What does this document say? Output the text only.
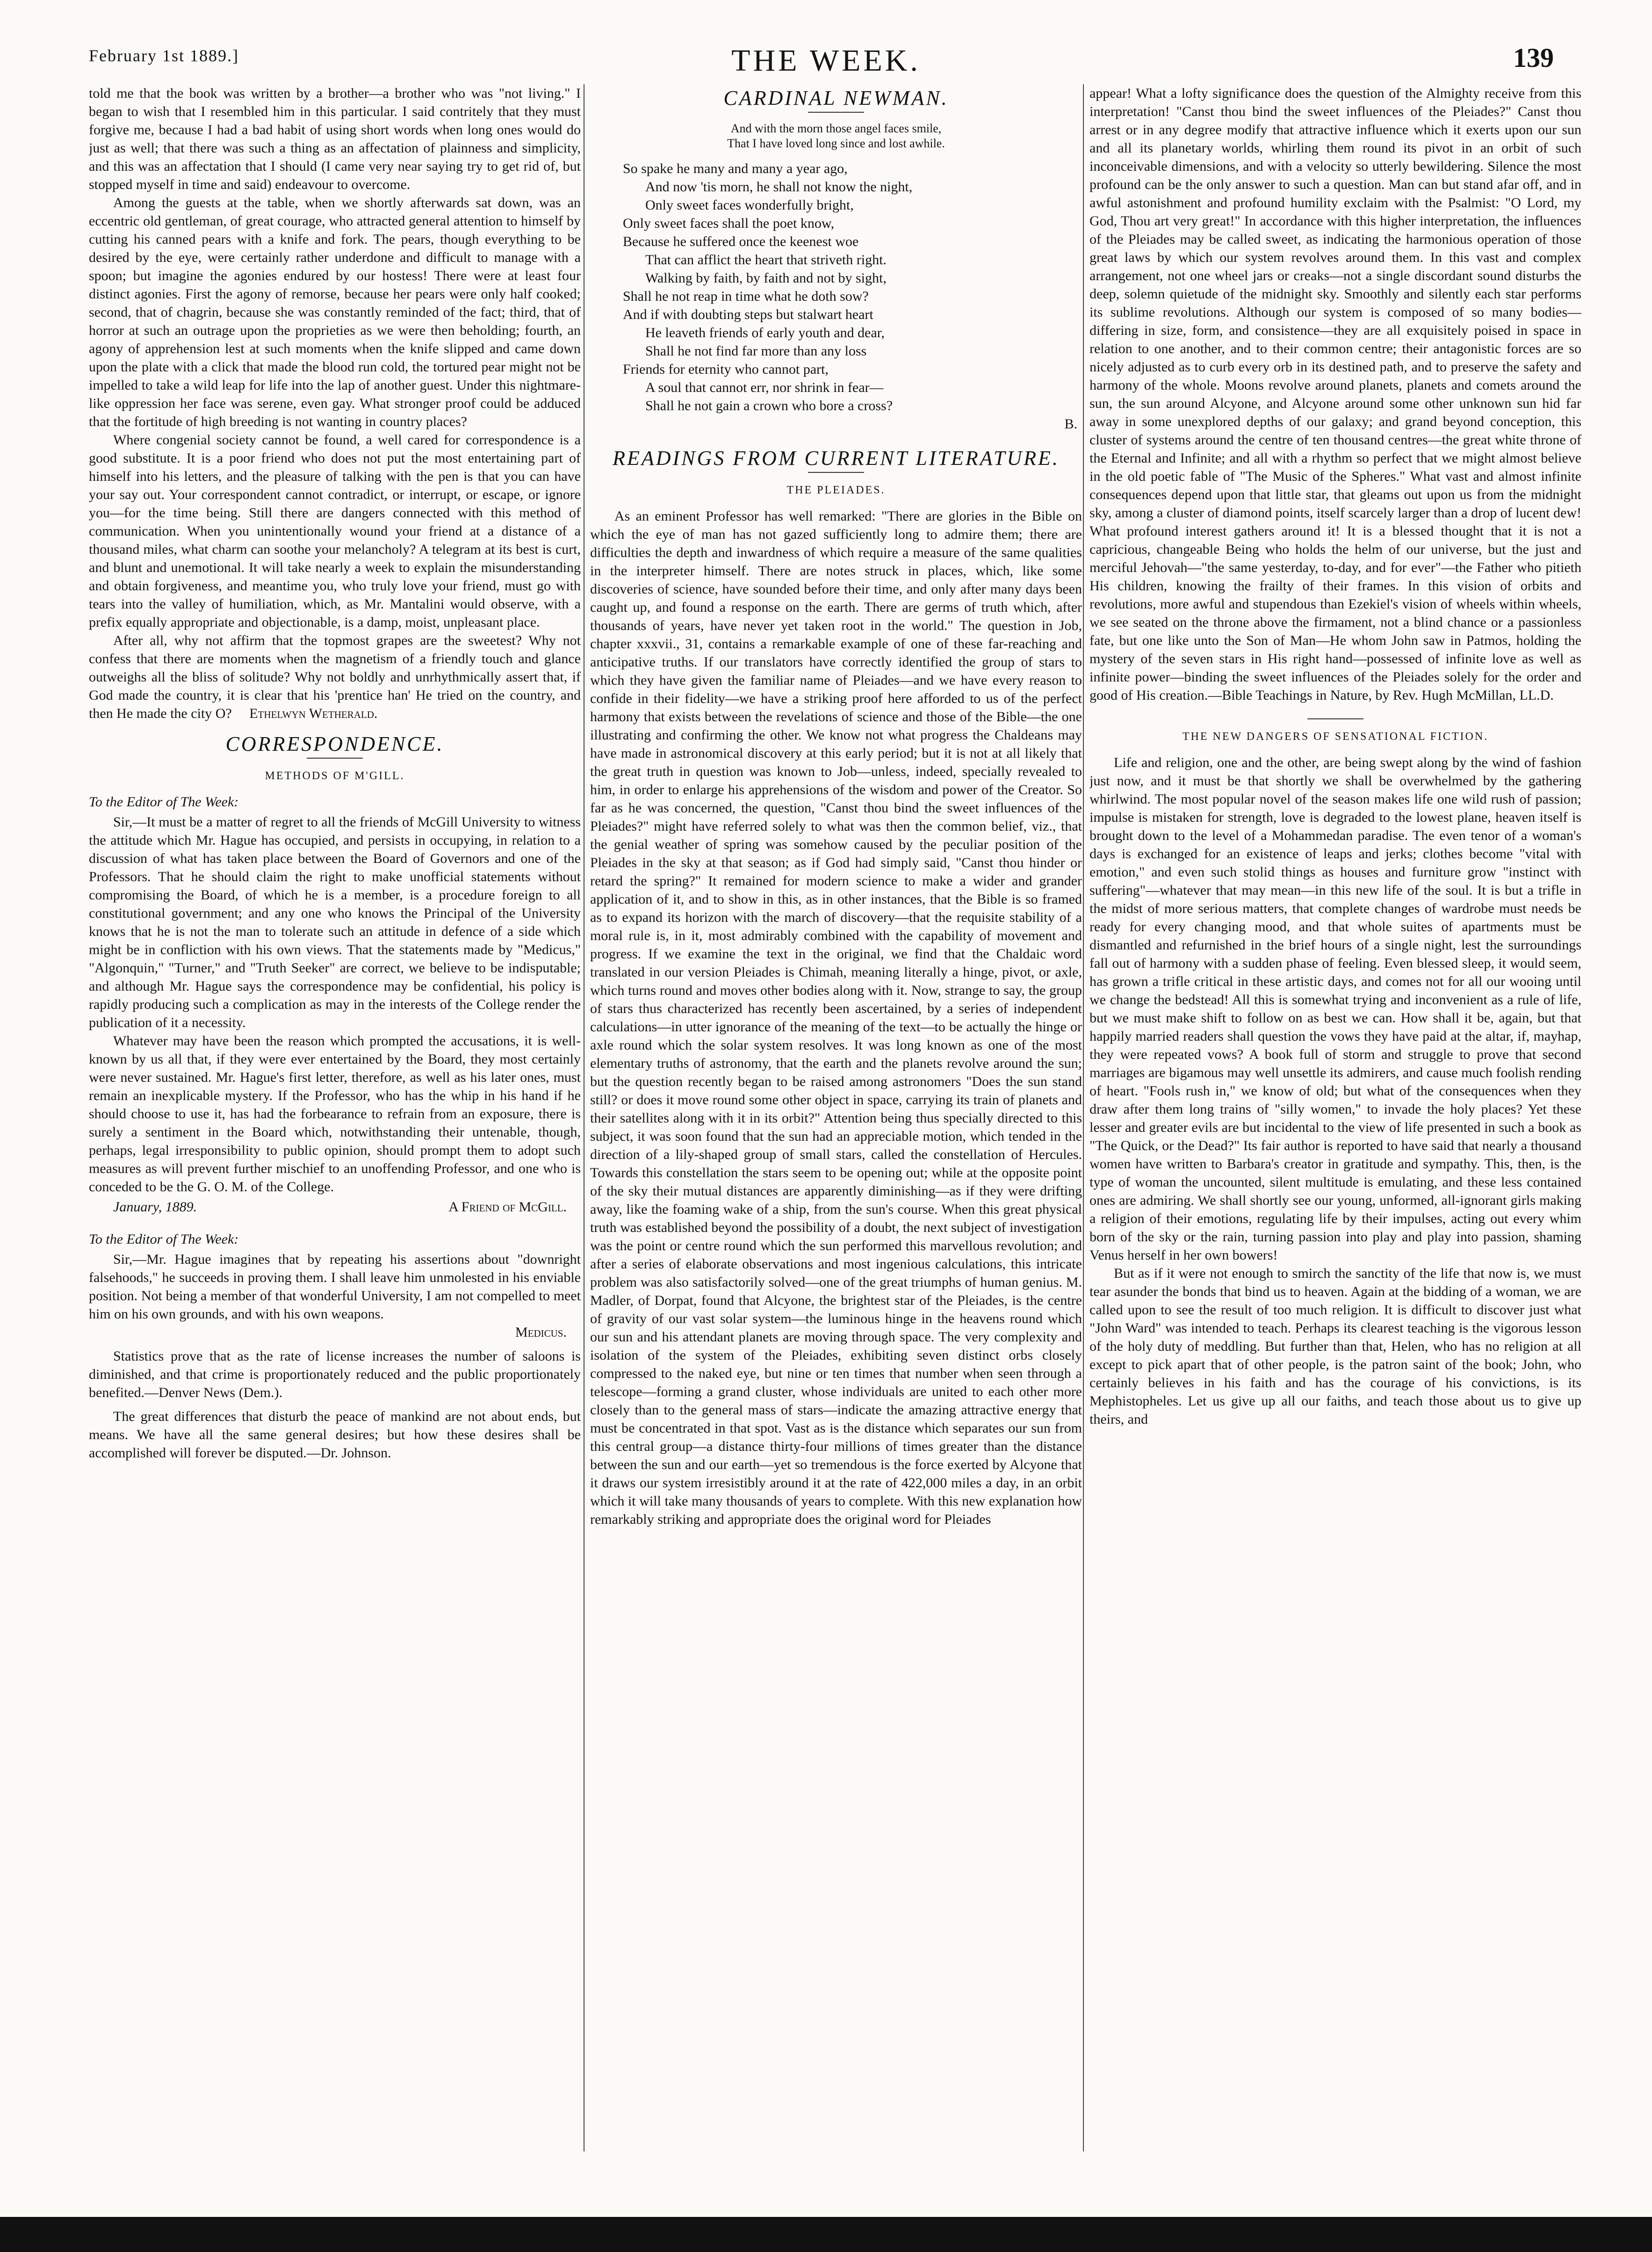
February 1st 1889.]	THE WEEK.	139

told me that the book was written by a brother—a brother who was "not living." I began to wish that I resembled him in this particular. I said contritely that they must forgive me, because I had a bad habit of using short words when long ones would do just as well; that there was such a thing as an affectation of plainness and simplicity, and this was an affectation that I should (I came very near saying try to get rid of, but stopped myself in time and said) endeavour to overcome.

Among the guests at the table, when we shortly afterwards sat down, was an eccentric old gentleman, of great courage, who attracted general attention to himself by cutting his canned pears with a knife and fork. The pears, though everything to be desired by the eye, were certainly rather underdone and difficult to manage with a spoon; but imagine the agonies endured by our hostess! There were at least four distinct agonies. First the agony of remorse, because her pears were only half cooked; second, that of chagrin, because she was constantly reminded of the fact; third, that of horror at such an outrage upon the proprieties as we were then beholding; fourth, an agony of apprehension lest at such moments when the knife slipped and came down upon the plate with a click that made the blood run cold, the tortured pear might not be impelled to take a wild leap for life into the lap of another guest. Under this nightmare-like oppression her face was serene, even gay. What stronger proof could be adduced that the fortitude of high breeding is not wanting in country places?

Where congenial society cannot be found, a well cared for correspondence is a good substitute. It is a poor friend who does not put the most entertaining part of himself into his letters, and the pleasure of talking with the pen is that you can have your say out. Your correspondent cannot contradict, or interrupt, or escape, or ignore you—for the time being. Still there are dangers connected with this method of communication. When you unintentionally wound your friend at a distance of a thousand miles, what charm can soothe your melancholy? A telegram at its best is curt, and blunt and unemotional. It will take nearly a week to explain the misunderstanding and obtain forgiveness, and meantime you, who truly love your friend, must go with tears into the valley of humiliation, which, as Mr. Mantalini would observe, with a prefix equally appropriate and objectionable, is a damp, moist, unpleasant place.

After all, why not affirm that the topmost grapes are the sweetest? Why not confess that there are moments when the magnetism of a friendly touch and glance outweighs all the bliss of solitude? Why not boldly and unrhythmically assert that, if God made the country, it is clear that his 'prentice han' He tried on the country, and then He made the city O? Ethelwyn Wetherald.

CORRESPONDENCE.
METHODS OF M'GILL.
To the Editor of The Week:

Sir,—It must be a matter of regret to all the friends of McGill University to witness the attitude which Mr. Hague has occupied, and persists in occupying, in relation to a discussion of what has taken place between the Board of Governors and one of the Professors. That he should claim the right to make unofficial statements without compromising the Board, of which he is a member, is a procedure foreign to all constitutional government; and any one who knows the Principal of the University knows that he is not the man to tolerate such an attitude in defence of a side which might be in confliction with his own views. That the statements made by "Medicus," "Algonquin," "Turner," and "Truth Seeker" are correct, we believe to be indisputable; and although Mr. Hague says the correspondence may be confidential, his policy is rapidly producing such a complication as may in the interests of the College render the publication of it a necessity.

Whatever may have been the reason which prompted the accusations, it is well-known by us all that, if they were ever entertained by the Board, they most certainly were never sustained. Mr. Hague's first letter, therefore, as well as his later ones, must remain an inexplicable mystery. If the Professor, who has the whip in his hand if he should choose to use it, has had the forbearance to refrain from an exposure, there is surely a sentiment in the Board which, notwithstanding their untenable, though, perhaps, legal irresponsibility to public opinion, should prompt them to adopt such measures as will prevent further mischief to an unoffending Professor, and one who is conceded to be the G. O. M. of the College.

January, 1889.	A Friend of McGill.
To the Editor of The Week:

Sir,—Mr. Hague imagines that by repeating his assertions about "downright falsehoods," he succeeds in proving them. I shall leave him unmolested in his enviable position. Not being a member of that wonderful University, I am not compelled to meet him on his own grounds, and with his own weapons.

Medicus.

Statistics prove that as the rate of license increases the number of saloons is diminished, and that crime is proportionately reduced and the public proportionately benefited.—Denver News (Dem.).

The great differences that disturb the peace of mankind are not about ends, but means. We have all the same general desires; but how these desires shall be accomplished will forever be disputed.—Dr. Johnson.

CARDINAL NEWMAN.
And with the morn those angel faces smile,
That I have loved long since and lost awhile.
So spake he many and many a year ago,
And now 'tis morn, he shall not know the night,
Only sweet faces wonderfully bright,
Only sweet faces shall the poet know,
Because he suffered once the keenest woe
That can afflict the heart that striveth right.
Walking by faith, by faith and not by sight,
Shall he not reap in time what he doth sow?
And if with doubting steps but stalwart heart
He leaveth friends of early youth and dear,
Shall he not find far more than any loss
Friends for eternity who cannot part,
A soul that cannot err, nor shrink in fear—
Shall he not gain a crown who bore a cross?
B.
READINGS FROM CURRENT LITERATURE.
THE PLEIADES.

As an eminent Professor has well remarked: "There are glories in the Bible on which the eye of man has not gazed sufficiently long to admire them; there are difficulties the depth and inwardness of which require a measure of the same qualities in the interpreter himself. There are notes struck in places, which, like some discoveries of science, have sounded before their time, and only after many days been caught up, and found a response on the earth. There are germs of truth which, after thousands of years, have never yet taken root in the world." The question in Job, chapter xxxvii., 31, contains a remarkable example of one of these far-reaching and anticipative truths. If our translators have correctly identified the group of stars to which they have given the familiar name of Pleiades—and we have every reason to confide in their fidelity—we have a striking proof here afforded to us of the perfect harmony that exists between the revelations of science and those of the Bible—the one illustrating and confirming the other. We know not what progress the Chaldeans may have made in astronomical discovery at this early period; but it is not at all likely that the great truth in question was known to Job—unless, indeed, specially revealed to him, in order to enlarge his apprehensions of the wisdom and power of the Creator. So far as he was concerned, the question, "Canst thou bind the sweet influences of the Pleiades?" might have referred solely to what was then the common belief, viz., that the genial weather of spring was somehow caused by the peculiar position of the Pleiades in the sky at that season; as if God had simply said, "Canst thou hinder or retard the spring?" It remained for modern science to make a wider and grander application of it, and to show in this, as in other instances, that the Bible is so framed as to expand its horizon with the march of discovery—that the requisite stability of a moral rule is, in it, most admirably combined with the capability of movement and progress. If we examine the text in the original, we find that the Chaldaic word translated in our version Pleiades is Chimah, meaning literally a hinge, pivot, or axle, which turns round and moves other bodies along with it. Now, strange to say, the group of stars thus characterized has recently been ascertained, by a series of independent calculations—in utter ignorance of the meaning of the text—to be actually the hinge or axle round which the solar system resolves. It was long known as one of the most elementary truths of astronomy, that the earth and the planets revolve around the sun; but the question recently began to be raised among astronomers "Does the sun stand still? or does it move round some other object in space, carrying its train of planets and their satellites along with it in its orbit?" Attention being thus specially directed to this subject, it was soon found that the sun had an appreciable motion, which tended in the direction of a lily-shaped group of small stars, called the constellation of Hercules. Towards this constellation the stars seem to be opening out; while at the opposite point of the sky their mutual distances are apparently diminishing—as if they were drifting away, like the foaming wake of a ship, from the sun's course. When this great physical truth was established beyond the possibility of a doubt, the next subject of investigation was the point or centre round which the sun performed this marvellous revolution; and after a series of elaborate observations and most ingenious calculations, this intricate problem was also satisfactorily solved—one of the great triumphs of human genius. M. Madler, of Dorpat, found that Alcyone, the brightest star of the Pleiades, is the centre of gravity of our vast solar system—the luminous hinge in the heavens round which our sun and his attendant planets are moving through space. The very complexity and isolation of the system of the Pleiades, exhibiting seven distinct orbs closely compressed to the naked eye, but nine or ten times that number when seen through a telescope—forming a grand cluster, whose individuals are united to each other more closely than to the general mass of stars—indicate the amazing attractive energy that must be concentrated in that spot. Vast as is the distance which separates our sun from this central group—a distance thirty-four millions of times greater than the distance between the sun and our earth—yet so tremendous is the force exerted by Alcyone that it draws our system irresistibly around it at the rate of 422,000 miles a day, in an orbit which it will take many thousands of years to complete. With this new explanation how remarkably striking and appropriate does the original word for Pleiades

appear! What a lofty significance does the question of the Almighty receive from this interpretation! "Canst thou bind the sweet influences of the Pleiades?" Canst thou arrest or in any degree modify that attractive influence which it exerts upon our sun and all its planetary worlds, whirling them round its pivot in an orbit of such inconceivable dimensions, and with a velocity so utterly bewildering. Silence the most profound can be the only answer to such a question. Man can but stand afar off, and in awful astonishment and profound humility exclaim with the Psalmist: "O Lord, my God, Thou art very great!" In accordance with this higher interpretation, the influences of the Pleiades may be called sweet, as indicating the harmonious operation of those great laws by which our system revolves around them. In this vast and complex arrangement, not one wheel jars or creaks—not a single discordant sound disturbs the deep, solemn quietude of the midnight sky. Smoothly and silently each star performs its sublime revolutions. Although our system is composed of so many bodies—differing in size, form, and consistence—they are all exquisitely poised in space in relation to one another, and to their common centre; their antagonistic forces are so nicely adjusted as to curb every orb in its destined path, and to preserve the safety and harmony of the whole. Moons revolve around planets, planets and comets around the sun, the sun around Alcyone, and Alcyone around some other unknown sun hid far away in some unexplored depths of our galaxy; and grand beyond conception, this cluster of systems around the centre of ten thousand centres—the great white throne of the Eternal and Infinite; and all with a rhythm so perfect that we might almost believe in the old poetic fable of "The Music of the Spheres." What vast and almost infinite consequences depend upon that little star, that gleams out upon us from the midnight sky, among a cluster of diamond points, itself scarcely larger than a drop of lucent dew! What profound interest gathers around it! It is a blessed thought that it is not a capricious, changeable Being who holds the helm of our universe, but the just and merciful Jehovah—"the same yesterday, to-day, and for ever"—the Father who pitieth His children, knowing the frailty of their frames. In this vision of orbits and revolutions, more awful and stupendous than Ezekiel's vision of wheels within wheels, we see seated on the throne above the firmament, not a blind chance or a passionless fate, but one like unto the Son of Man—He whom John saw in Patmos, holding the mystery of the seven stars in His right hand—possessed of infinite love as well as infinite power—binding the sweet influences of the Pleiades solely for the order and good of His creation.—Bible Teachings in Nature, by Rev. Hugh McMillan, LL.D.

THE NEW DANGERS OF SENSATIONAL FICTION.

Life and religion, one and the other, are being swept along by the wind of fashion just now, and it must be that shortly we shall be overwhelmed by the gathering whirlwind. The most popular novel of the season makes life one wild rush of passion; impulse is mistaken for strength, love is degraded to the lowest plane, heaven itself is brought down to the level of a Mohammedan paradise. The even tenor of a woman's days is exchanged for an existence of leaps and jerks; clothes become "vital with emotion," and even such stolid things as houses and furniture grow "instinct with suffering"—whatever that may mean—in this new life of the soul. It is but a trifle in the midst of more serious matters, that complete changes of wardrobe must needs be ready for every changing mood, and that whole suites of apartments must be dismantled and refurnished in the brief hours of a single night, lest the surroundings fall out of harmony with a sudden phase of feeling. Even blessed sleep, it would seem, has grown a trifle critical in these artistic days, and comes not for all our wooing until we change the bedstead! All this is somewhat trying and inconvenient as a rule of life, but we must make shift to follow on as best we can. How shall it be, again, but that happily married readers shall question the vows they have paid at the altar, if, mayhap, they were repeated vows? A book full of storm and struggle to prove that second marriages are bigamous may well unsettle its admirers, and cause much foolish rending of heart. "Fools rush in," we know of old; but what of the consequences when they draw after them long trains of "silly women," to invade the holy places? Yet these lesser and greater evils are but incidental to the view of life presented in such a book as "The Quick, or the Dead?" Its fair author is reported to have said that nearly a thousand women have written to Barbara's creator in gratitude and sympathy. This, then, is the type of woman the uncounted, silent multitude is emulating, and these less contained ones are admiring. We shall shortly see our young, unformed, all-ignorant girls making a religion of their emotions, regulating life by their impulses, acting out every whim born of the sky or the rain, turning passion into play and play into passion, shaming Venus herself in her own bowers!

But as if it were not enough to smirch the sanctity of the life that now is, we must tear asunder the bonds that bind us to heaven. Again at the bidding of a woman, we are called upon to see the result of too much religion. It is difficult to discover just what "John Ward" was intended to teach. Perhaps its clearest teaching is the vigorous lesson of the holy duty of meddling. But further than that, Helen, who has no religion at all except to pick apart that of other people, is the patron saint of the book; John, who certainly believes in his faith and has the courage of his convictions, is its Mephistopheles. Let us give up all our faiths, and teach those about us to give up theirs, and
